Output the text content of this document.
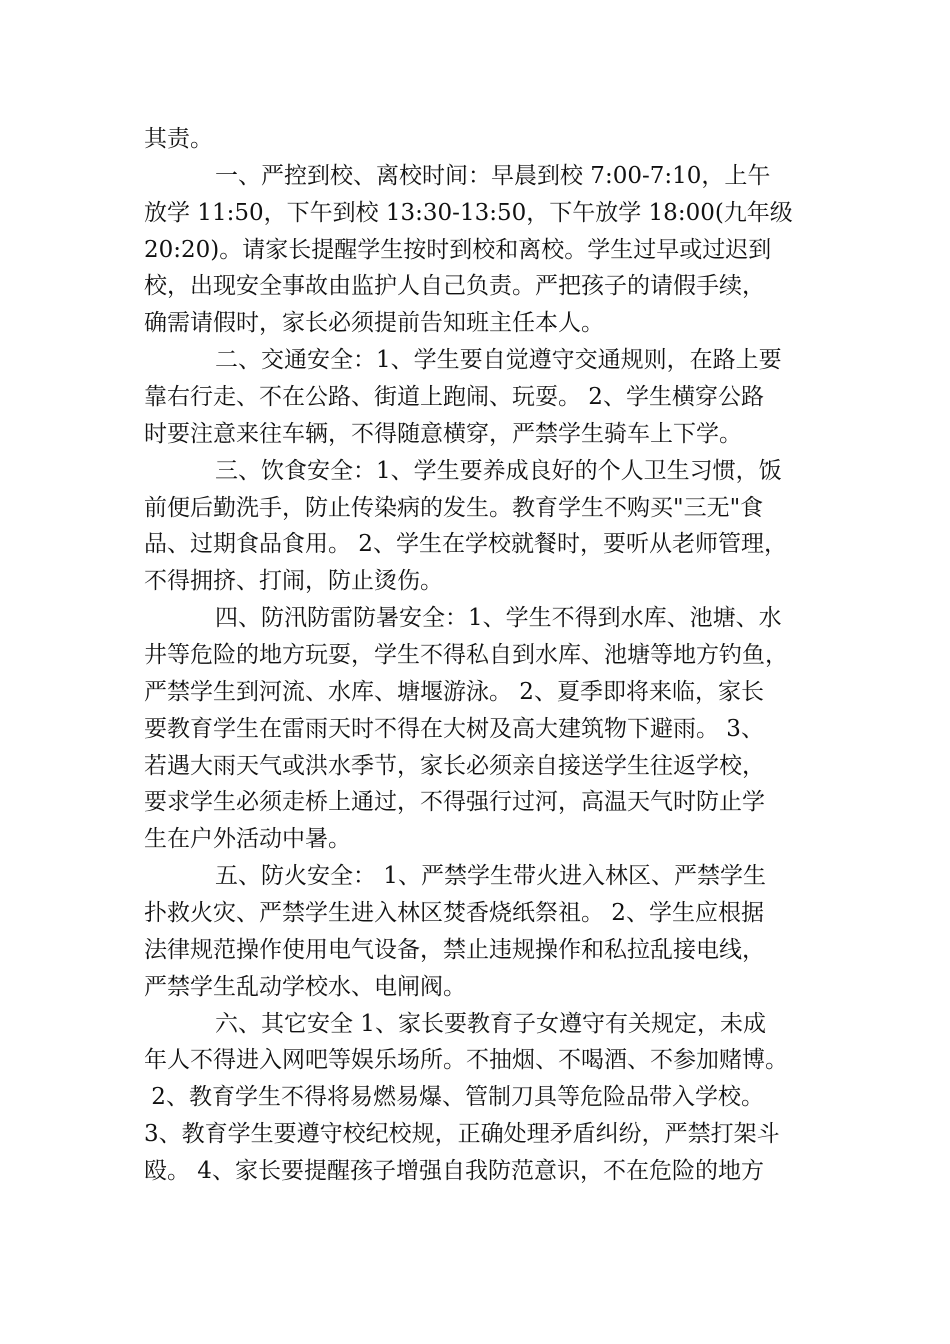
其责。
一、严控到校、离校时间：早晨到校 7:00-7:10，上午
放学 11:50，下午到校 13:30-13:50，下午放学 18:00(九年级
20:20)。请家长提醒学生按时到校和离校。学生过早或过迟到
校，出现安全事故由监护人自己负责。严把孩子的请假手续，
确需请假时，家长必须提前告知班主任本人。
二、交通安全：1、学生要自觉遵守交通规则，在路上要
靠右行走、不在公路、街道上跑闹、玩耍。 2、学生横穿公路
时要注意来往车辆，不得随意横穿，严禁学生骑车上下学。
三、饮食安全：1、学生要养成良好的个人卫生习惯，饭
前便后勤洗手，防止传染病的发生。教育学生不购买"三无"食
品、过期食品食用。 2、学生在学校就餐时，要听从老师管理，
不得拥挤、打闹，防止烫伤。
四、防汛防雷防暑安全：1、学生不得到水库、池塘、水
井等危险的地方玩耍，学生不得私自到水库、池塘等地方钓鱼，
严禁学生到河流、水库、塘堰游泳。 2、夏季即将来临，家长
要教育学生在雷雨天时不得在大树及高大建筑物下避雨。 3、
若遇大雨天气或洪水季节，家长必须亲自接送学生往返学校，
要求学生必须走桥上通过，不得强行过河，高温天气时防止学
生在户外活动中暑。
五、防火安全： 1、严禁学生带火进入林区、严禁学生
扑救火灾、严禁学生进入林区焚香烧纸祭祖。 2、学生应根据
法律规范操作使用电气设备，禁止违规操作和私拉乱接电线，
严禁学生乱动学校水、电闸阀。
六、其它安全 1、家长要教育子女遵守有关规定，未成
年人不得进入网吧等娱乐场所。不抽烟、不喝酒、不参加赌博。
2、教育学生不得将易燃易爆、管制刀具等危险品带入学校。
3、教育学生要遵守校纪校规，正确处理矛盾纠纷，严禁打架斗
殴。 4、家长要提醒孩子增强自我防范意识，不在危险的地方
